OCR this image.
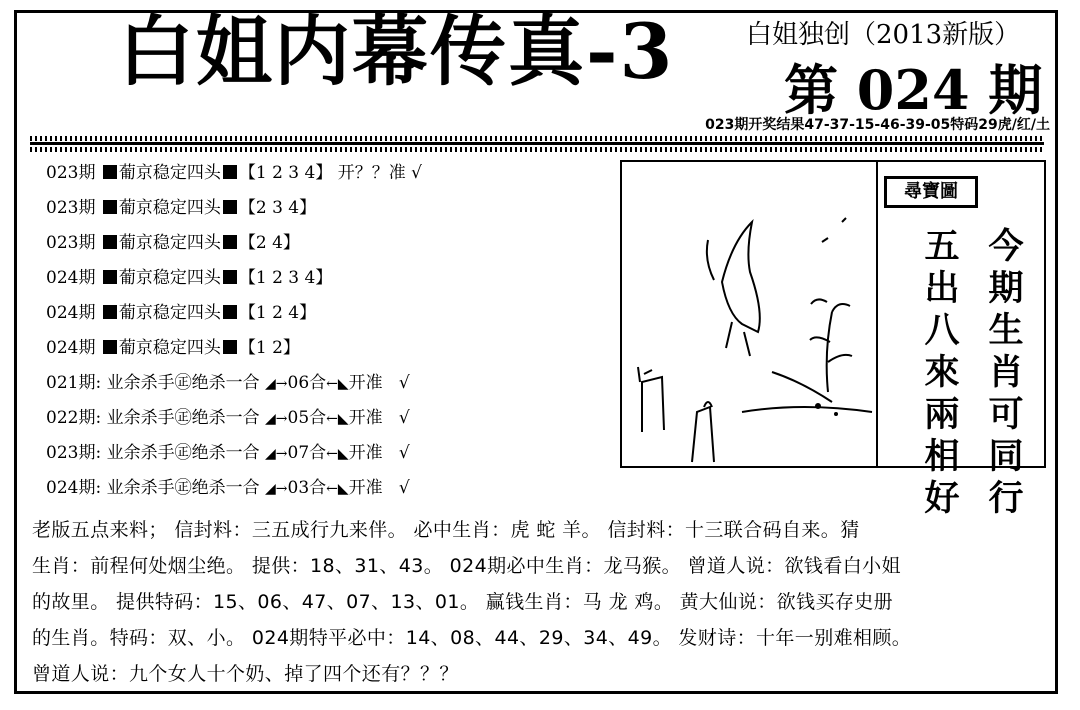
白姐内幕传真-3	白姐独创（2013新版）
第 024 期
023期开奖结果47-37-15-46-39-05特码29虎/红/土
023期 葡京稳定四头 【1 2 3 4】 开？？准 √
023期 葡京稳定四头 【2 3 4】
023期 葡京稳定四头 【2 4】
024期 葡京稳定四头 【1 2 3 4】
024期 葡京稳定四头 【1 2 4】
024期 葡京稳定四头 【1 2】
021期: 业余杀手㊣绝杀一合 ◢→06合←◣开准 √
022期: 业余杀手㊣绝杀一合 ◢→05合←◣开准 √
023期: 业余杀手㊣绝杀一合 ◢→07合←◣开准 √
024期: 业余杀手㊣绝杀一合 ◢→03合←◣开准 √
尋寶圖
今期生肖可同行
五出八來兩相好
老版五点来料； 信封料：三五成行九来伴。 必中生肖：虎 蛇 羊。 信封料：十三联合码自来。猜
生肖：前程何处烟尘绝。 提供：18、31、43。 024期必中生肖：龙马猴。 曾道人说：欲钱看白小姐
的故里。 提供特码：15、06、47、07、13、01。 赢钱生肖：马 龙 鸡。 黄大仙说：欲钱买存史册
的生肖。特码：双、小。 024期特平必中：14、08、44、29、34、49。 发财诗：十年一别难相顾。
曾道人说：九个女人十个奶、掉了四个还有？？？
